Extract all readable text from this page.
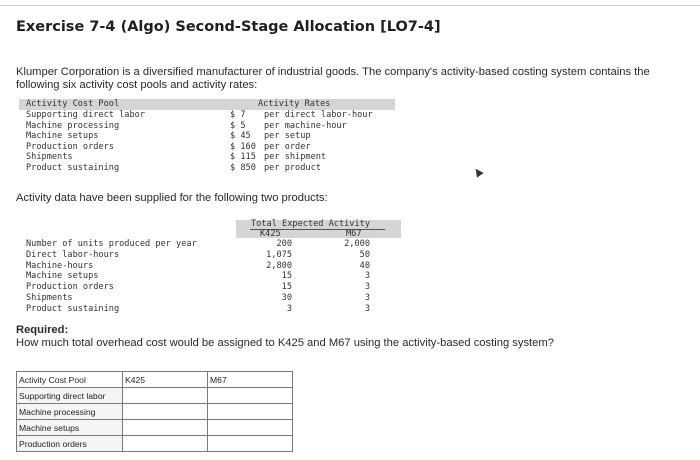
Exercise 7-4 (Algo) Second-Stage Allocation [LO7-4]
Klumper Corporation is a diversified manufacturer of industrial goods. The company's activity-based costing system contains the following six activity cost pools and activity rates:
Activity Cost Pool	Activity Rates
Supporting direct labor	$ 7 per direct labor-hour
Machine processing	$ 5 per machine-hour
Machine setups	$ 45 per setup
Production orders	$ 160 per order
Shipments	$ 115 per shipment
Product sustaining	$ 850 per product
Activity data have been supplied for the following two products:
Total Expected Activity
K425	M67
Number of units produced per year	200	2,000
Direct labor-hours	1,075	50
Machine-hours	2,800	40
Machine setups	15	3
Production orders	15	3
Shipments	30	3
Product sustaining	3	3
Required:
How much total overhead cost would be assigned to K425 and M67 using the activity-based costing system?
Activity Cost Pool	K425	M67
Supporting direct labor		
Machine processing		
Machine setups		
Production orders		
